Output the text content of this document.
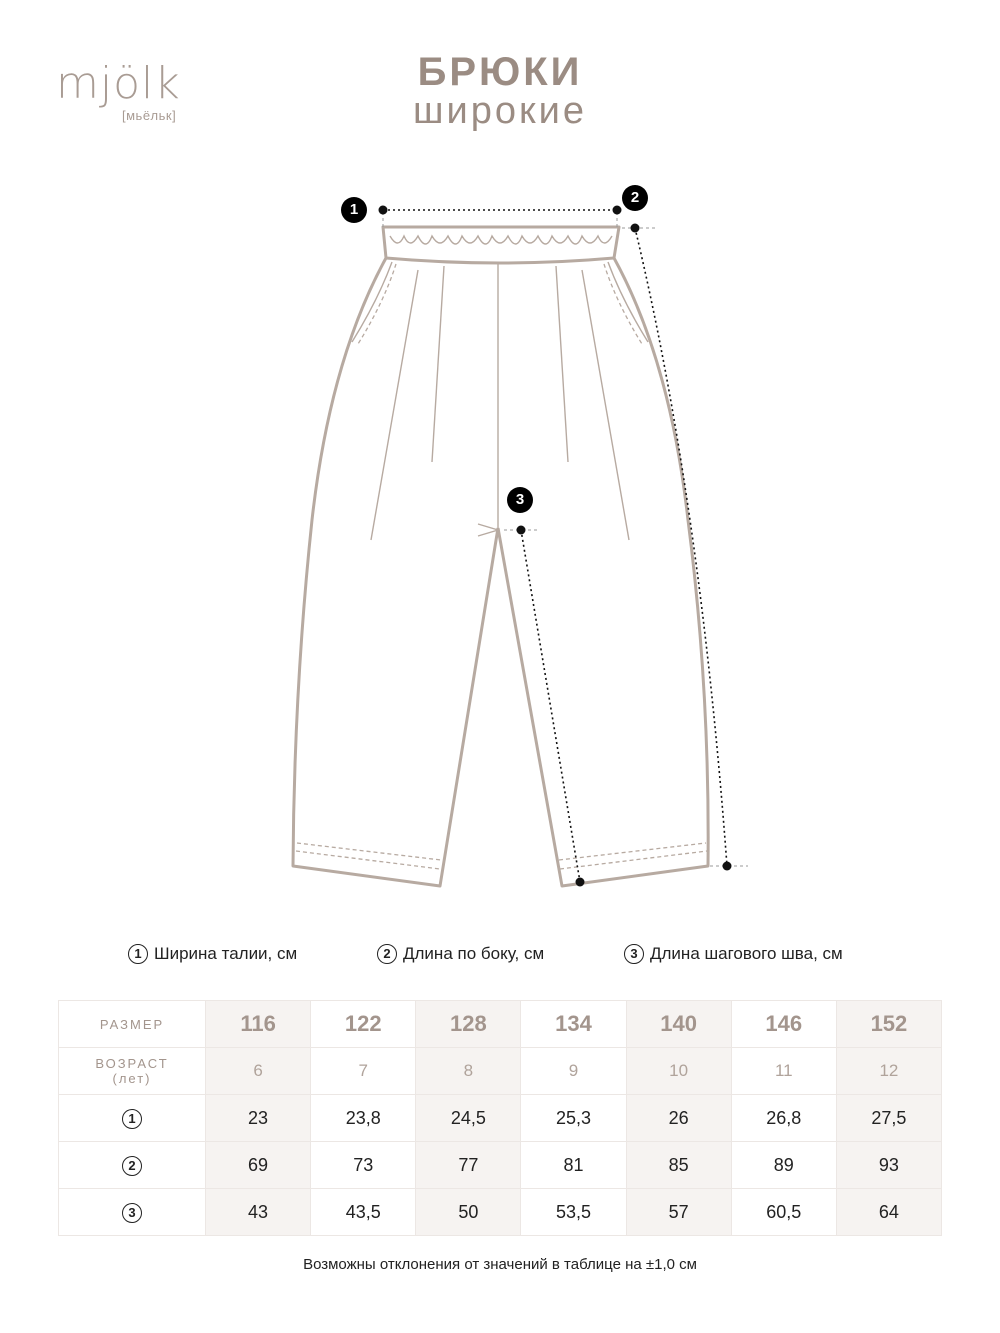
mjölk
[мьёльк]
БРЮКИ
широкие
1
2
3
1 Ширина талии, см	2 Длина по боку, см	3 Длина шагового шва, см
РАЗМЕР	116	122	128	134	140	146	152

ВОЗРАСТ
(лет)	6	7	8	9	10	11	12
1	23	23,8	24,5	25,3	26	26,8	27,5
2	69	73	77	81	85	89	93
3	43	43,5	50	53,5	57	60,5	64
Возможны отклонения от значений в таблице на ±1,0 см
